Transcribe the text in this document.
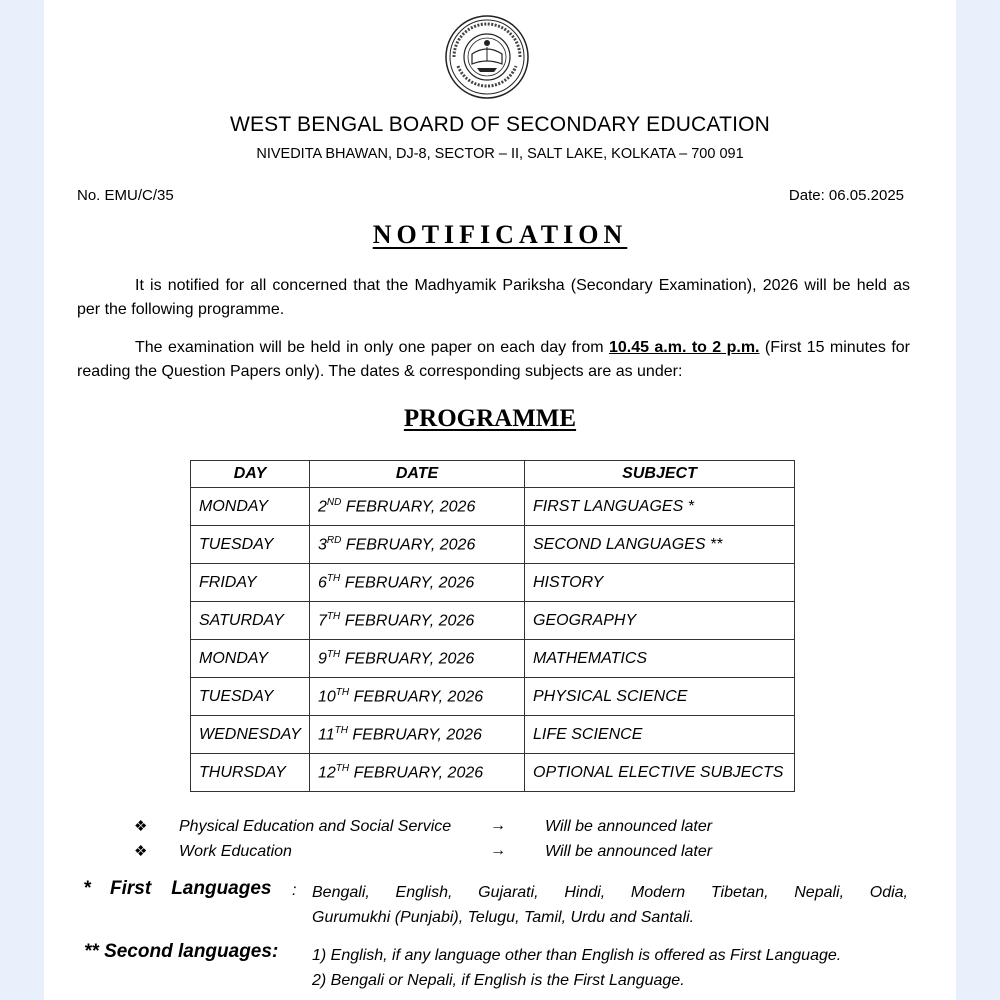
WEST BENGAL BOARD OF SECONDARY EDUCATION
NIVEDITA BHAWAN, DJ-8, SECTOR – II, SALT LAKE, KOLKATA – 700 091
No. EMU/C/35	Date: 06.05.2025
NOTIFICATION
It is notified for all concerned that the Madhyamik Pariksha (Secondary Examination), 2026 will be held as per the following programme.
The examination will be held in only one paper on each day from 10.45 a.m. to 2 p.m. (First 15 minutes for reading the Question Papers only). The dates & corresponding subjects are as under:
PROGRAMME
DAY	DATE	SUBJECT
MONDAY	2ND FEBRUARY, 2026	FIRST LANGUAGES *
TUESDAY	3RD FEBRUARY, 2026	SECOND LANGUAGES **
FRIDAY	6TH FEBRUARY, 2026	HISTORY
SATURDAY	7TH FEBRUARY, 2026	GEOGRAPHY
MONDAY	9TH FEBRUARY, 2026	MATHEMATICS
TUESDAY	10TH FEBRUARY, 2026	PHYSICAL SCIENCE
WEDNESDAY	11TH FEBRUARY, 2026	LIFE SCIENCE
THURSDAY	12TH FEBRUARY, 2026	OPTIONAL ELECTIVE SUBJECTS
❖ Physical Education and Social Service → Will be announced later
❖ Work Education	→ Will be announced later
* First Languages : Bengali, English, Gujarati, Hindi, Modern Tibetan, Nepali, Odia,
Gurumukhi (Punjabi), Telugu, Tamil, Urdu and Santali.
** Second languages: 1) English, if any language other than English is offered as First Language.
2) Bengali or Nepali, if English is the First Language.
